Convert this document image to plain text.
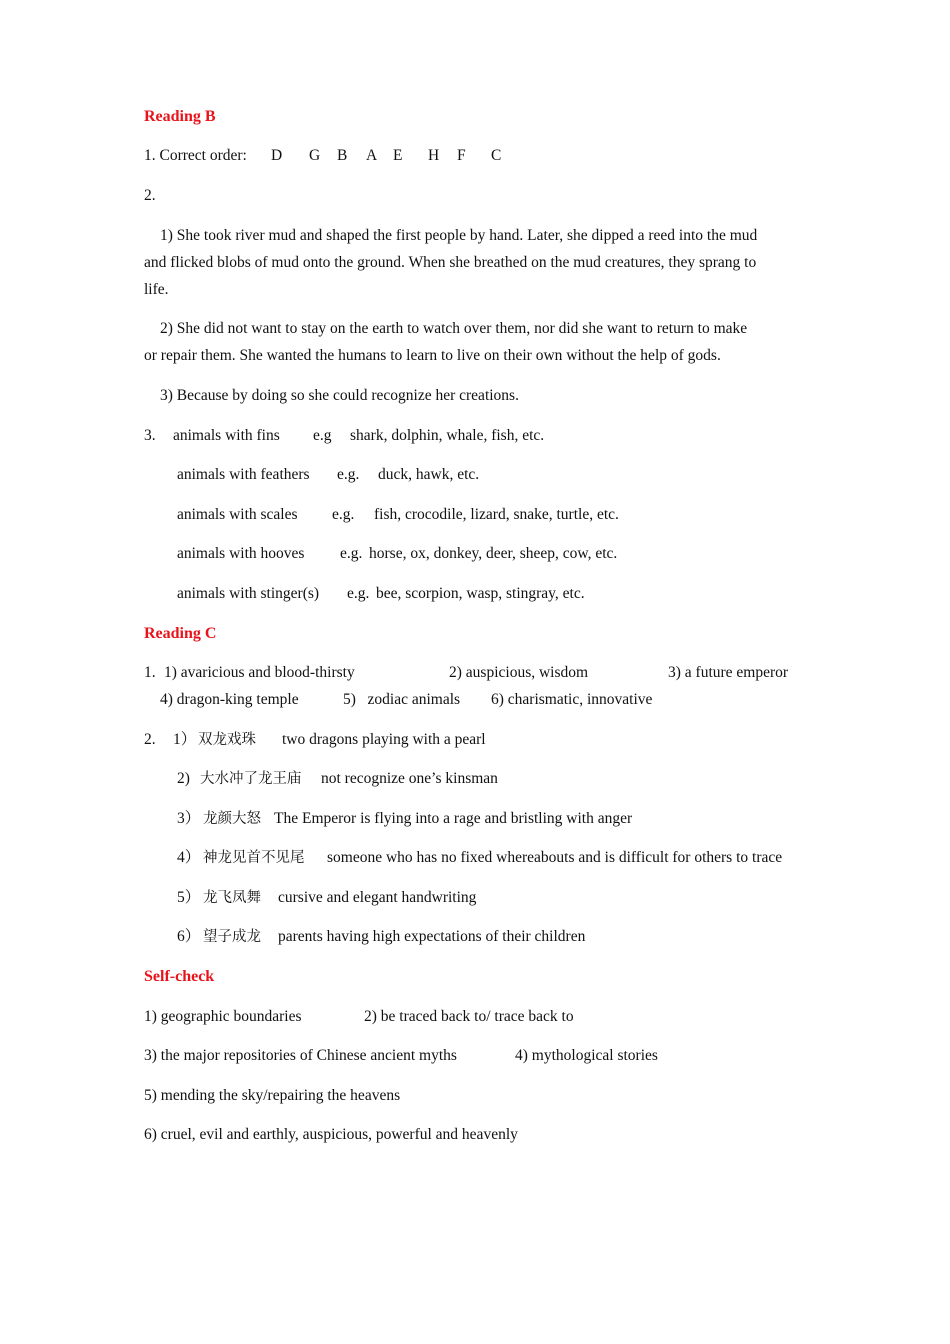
Reading B
1. Correct order: D G B A E H F C
2.
1) She took river mud and shaped the first people by hand. Later, she dipped a reed into the mud
and flicked blobs of mud onto the ground. When she breathed on the mud creatures, they sprang to
life.
2) She did not want to stay on the earth to watch over them, nor did she want to return to make
or repair them. She wanted the humans to learn to live on their own without the help of gods.
3) Because by doing so she could recognize her creations.
3. animals with fins e.g shark, dolphin, whale, fish, etc.
animals with feathers e.g. duck, hawk, etc.
animals with scales e.g. fish, crocodile, lizard, snake, turtle, etc.
animals with hooves e.g. horse, ox, donkey, deer, sheep, cow, etc.
animals with stinger(s) e.g. bee, scorpion, wasp, stingray, etc.
Reading C
1. 1) avaricious and blood-thirsty	2) auspicious, wisdom	3) a future emperor
4) dragon-king temple	5)   zodiac animals 6) charismatic, innovative
2. 1） 双龙戏珠 two dragons playing with a pearl
2) 大水冲了龙王庙 not recognize one’s kinsman
3） 龙颜大怒 The Emperor is flying into a rage and bristling with anger
4） 神龙见首不见尾 someone who has no fixed whereabouts and is difficult for others to trace
5） 龙飞凤舞 cursive and elegant handwriting
6） 望子成龙 parents having high expectations of their children
Self-check
1) geographic boundaries	2) be traced back to/ trace back to
3) the major repositories of Chinese ancient myths	4) mythological stories
5) mending the sky/repairing the heavens
6) cruel, evil and earthly, auspicious, powerful and heavenly
